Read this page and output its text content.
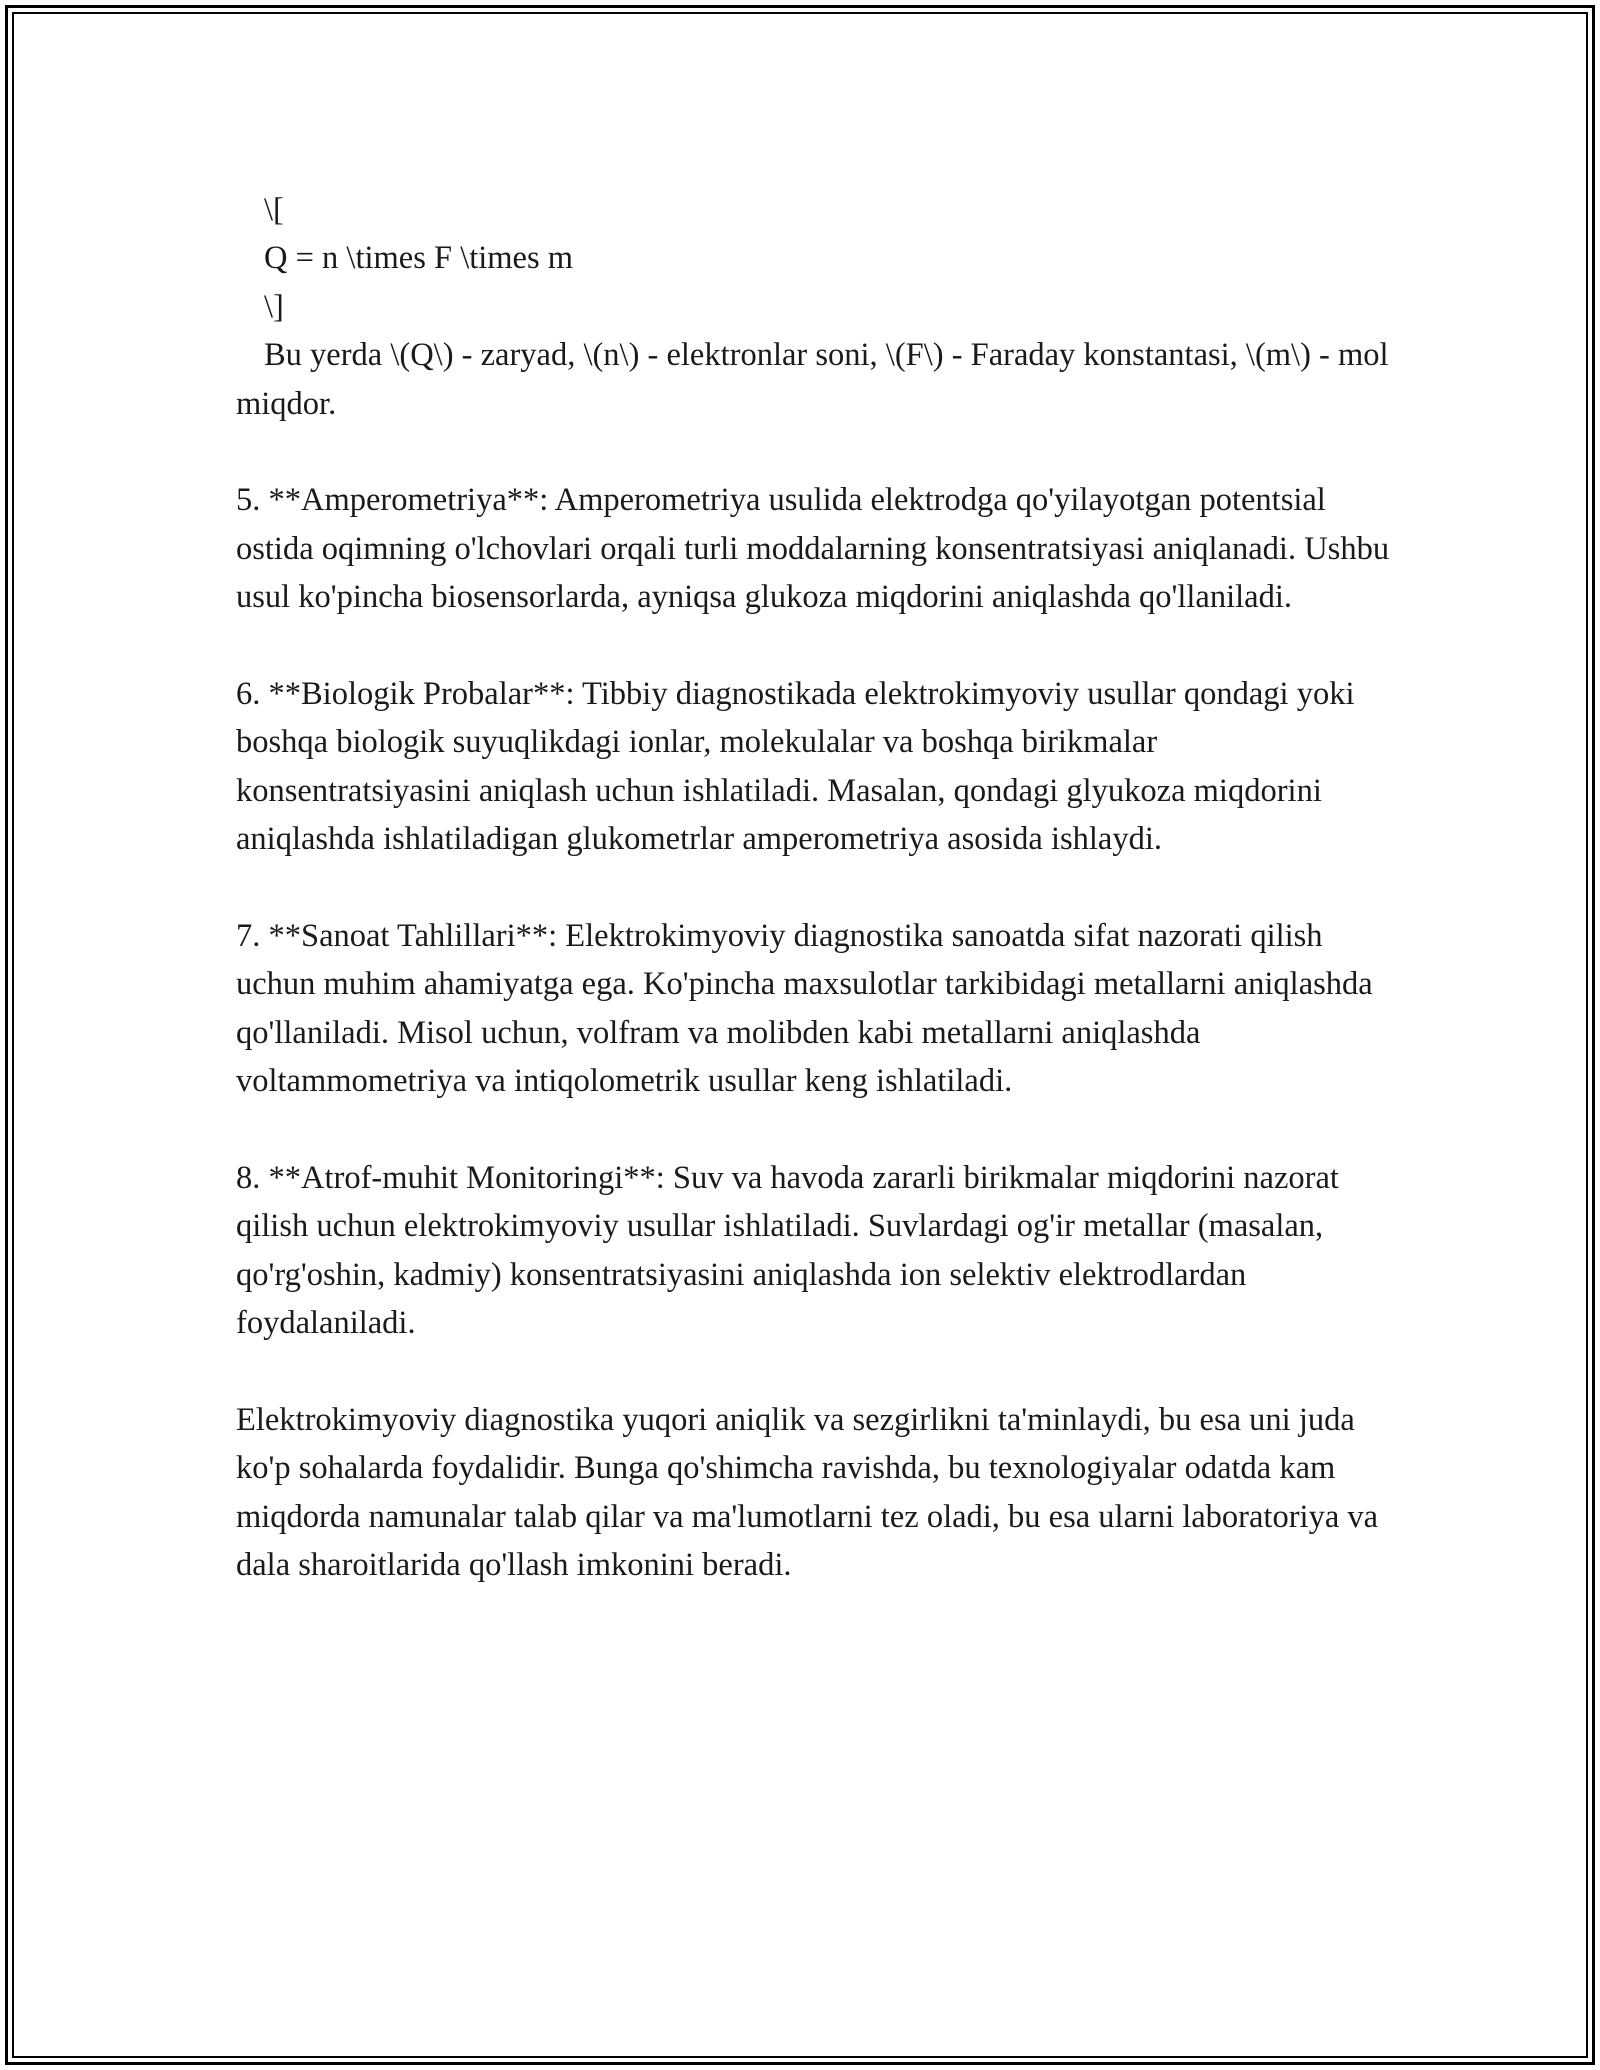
\[
Q = n \times F \times m
\]

Bu yerda \(Q\) - zaryad, \(n\) - elektronlar soni, \(F\) - Faraday konstantasi, \(m\) - mol miqdor.

5. **Amperometriya**: Amperometriya usulida elektrodga qo'yilayotgan potentsial ostida oqimning o'lchovlari orqali turli moddalarning konsentratsiyasi aniqlanadi. Ushbu usul ko'pincha biosensorlarda, ayniqsa glukoza miqdorini aniqlashda qo'llaniladi.

6. **Biologik Probalar**: Tibbiy diagnostikada elektrokimyoviy usullar qondagi yoki boshqa biologik suyuqlikdagi ionlar, molekulalar va boshqa birikmalar konsentratsiyasini aniqlash uchun ishlatiladi. Masalan, qondagi glyukoza miqdorini aniqlashda ishlatiladigan glukometrlar amperometriya asosida ishlaydi.

7. **Sanoat Tahlillari**: Elektrokimyoviy diagnostika sanoatda sifat nazorati qilish uchun muhim ahamiyatga ega. Ko'pincha maxsulotlar tarkibidagi metallarni aniqlashda qo'llaniladi. Misol uchun, volfram va molibden kabi metallarni aniqlashda voltammometriya va intiqolometrik usullar keng ishlatiladi.

8. **Atrof-muhit Monitoringi**: Suv va havoda zararli birikmalar miqdorini nazorat qilish uchun elektrokimyoviy usullar ishlatiladi. Suvlardagi og'ir metallar (masalan, qo'rg'oshin, kadmiy) konsentratsiyasini aniqlashda ion selektiv elektrodlardan foydalaniladi.

Elektrokimyoviy diagnostika yuqori aniqlik va sezgirlikni ta'minlaydi, bu esa uni juda ko'p sohalarda foydalidir. Bunga qo'shimcha ravishda, bu texnologiyalar odatda kam miqdorda namunalar talab qilar va ma'lumotlarni tez oladi, bu esa ularni laboratoriya va dala sharoitlarida qo'llash imkonini beradi.
